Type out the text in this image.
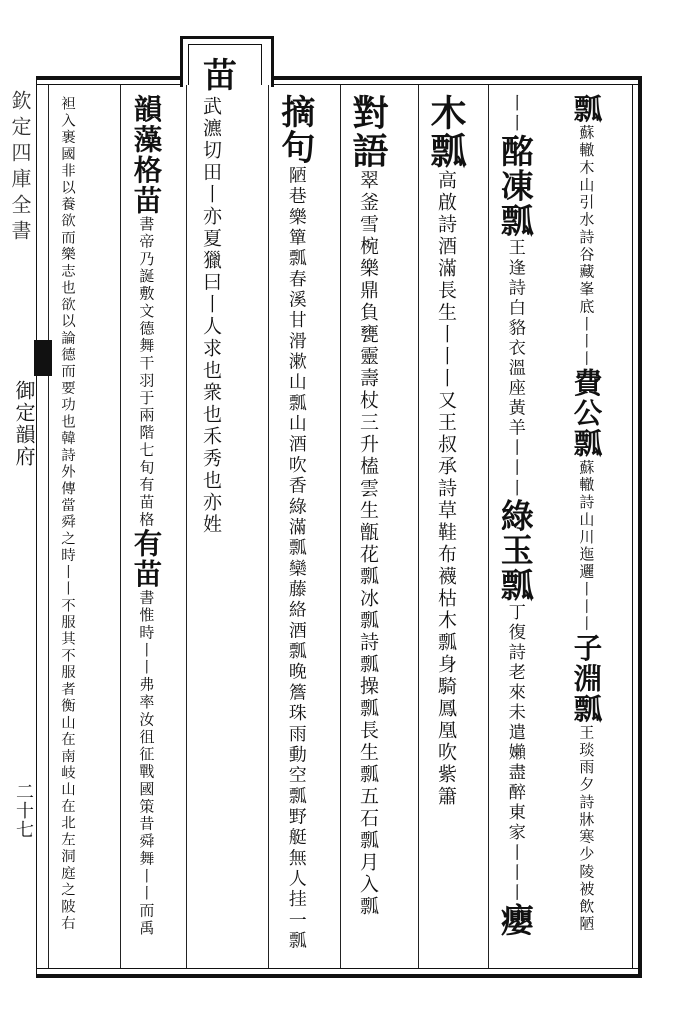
苗
瓢蘇轍木山引水詩谷藏峯底丨丨丨費公瓢蘇轍詩山川迤邐丨丨丨子淵瓢王琰雨夕詩牀寒少陵被飲陋
丨丨酩凍瓢王逢詩白貉衣溫座黃羊丨丨丨綠玉瓢丁復詩老來未遣嬾盡醉東家丨丨丨癭
木瓢高啟詩酒滿長生丨丨丨又王叔承詩草鞋布襪枯木瓢身騎鳳凰吹紫簫
對語翠釜雪椀樂鼎負甕靈壽杖三升榼雲生甑花瓢冰瓢詩瓢操瓢長生瓢五石瓢月入瓢
摘句陋巷樂簞瓢春溪甘滑漱山瓢山酒吹香綠滿瓢欒藤絡酒瓢晚簷珠雨動空瓢野艇無人挂一瓢
武瀌切田丨亦夏獵曰丨人求也衆也禾秀也亦姓
韻藻格苗書帝乃誕敷文德舞干羽于兩階七旬有苗格有苗書惟時丨丨弗率汝徂征戰國策昔舜舞丨丨而禹
袒入裹國非以養欲而樂志也欲以論德而要功也韓詩外傳當舜之時丨丨不服其不服者衡山在南岐山在北左洞庭之陂右
欽定四庫全書
御定韻府
二十七
